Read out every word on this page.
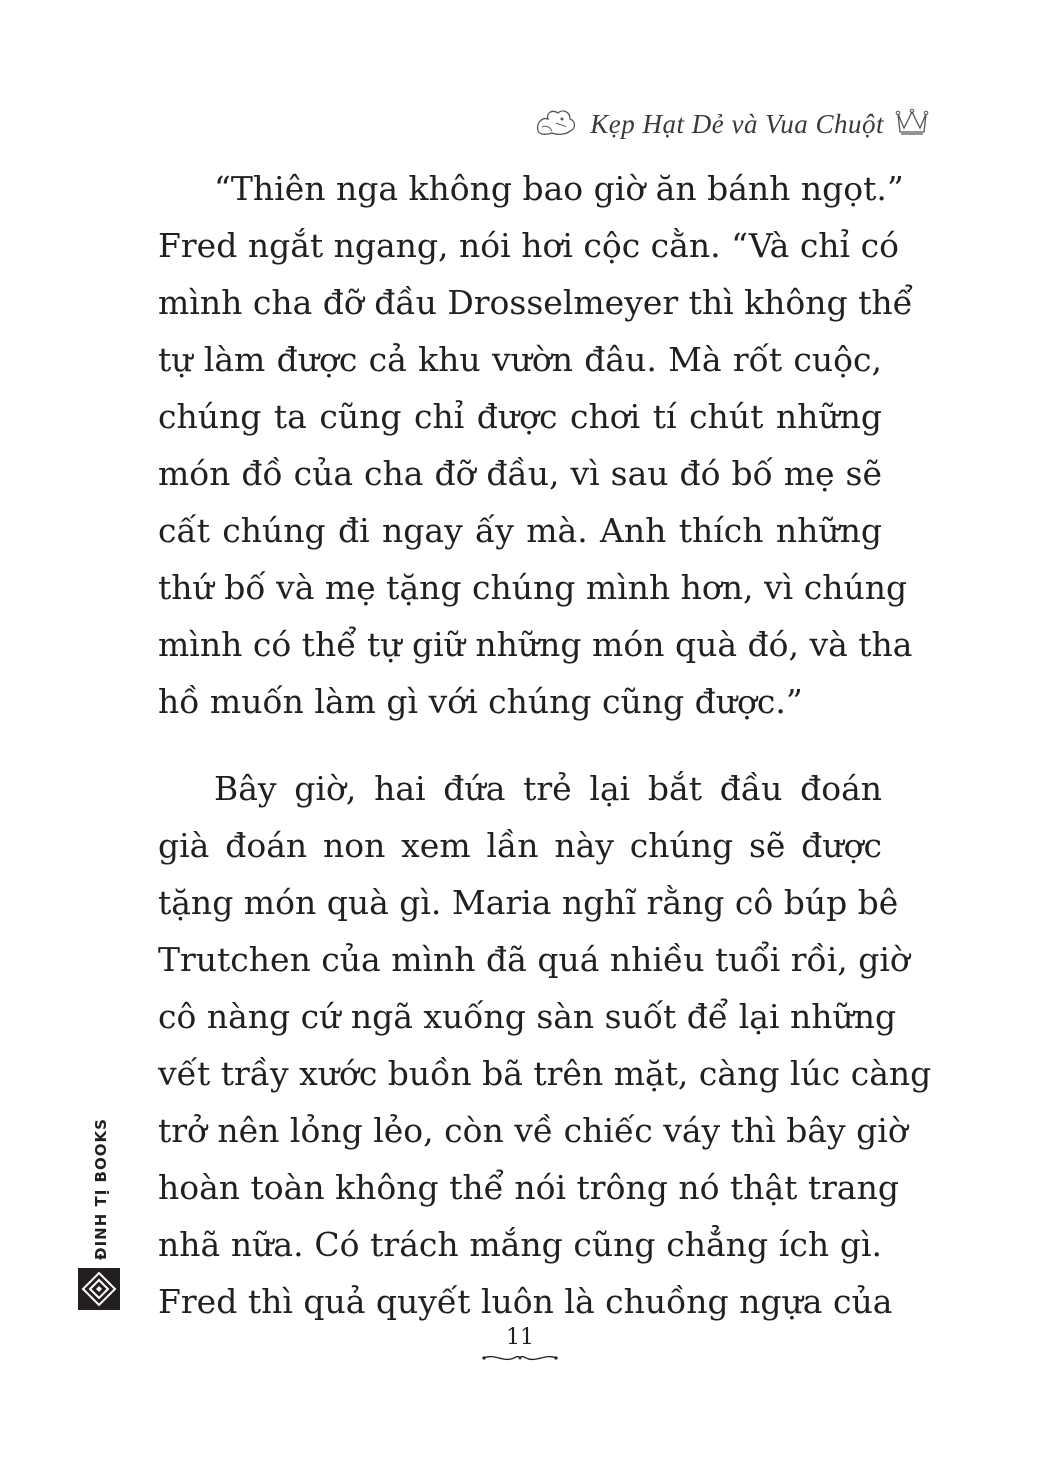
Kẹp Hạt Dẻ và Vua Chuột

“Thiên nga không bao giờ ăn bánh ngọt.”
Fred ngắt ngang, nói hơi cộc cằn. “Và chỉ có
mình cha đỡ đầu Drosselmeyer thì không thể
tự làm được cả khu vườn đâu. Mà rốt cuộc,
chúng ta cũng chỉ được chơi tí chút những
món đồ của cha đỡ đầu, vì sau đó bố mẹ sẽ
cất chúng đi ngay ấy mà. Anh thích những
thứ bố và mẹ tặng chúng mình hơn, vì chúng
mình có thể tự giữ những món quà đó, và tha
hồ muốn làm gì với chúng cũng được.”

Bây giờ, hai đứa trẻ lại bắt đầu đoán
già đoán non xem lần này chúng sẽ được
tặng món quà gì. Maria nghĩ rằng cô búp bê
Trutchen của mình đã quá nhiều tuổi rồi, giờ
cô nàng cứ ngã xuống sàn suốt để lại những
vết trầy xước buồn bã trên mặt, càng lúc càng
trở nên lỏng lẻo, còn về chiếc váy thì bây giờ
hoàn toàn không thể nói trông nó thật trang
nhã nữa. Có trách mắng cũng chẳng ích gì.
Fred thì quả quyết luôn là chuồng ngựa của

ĐINH TỊ BOOKS
11
